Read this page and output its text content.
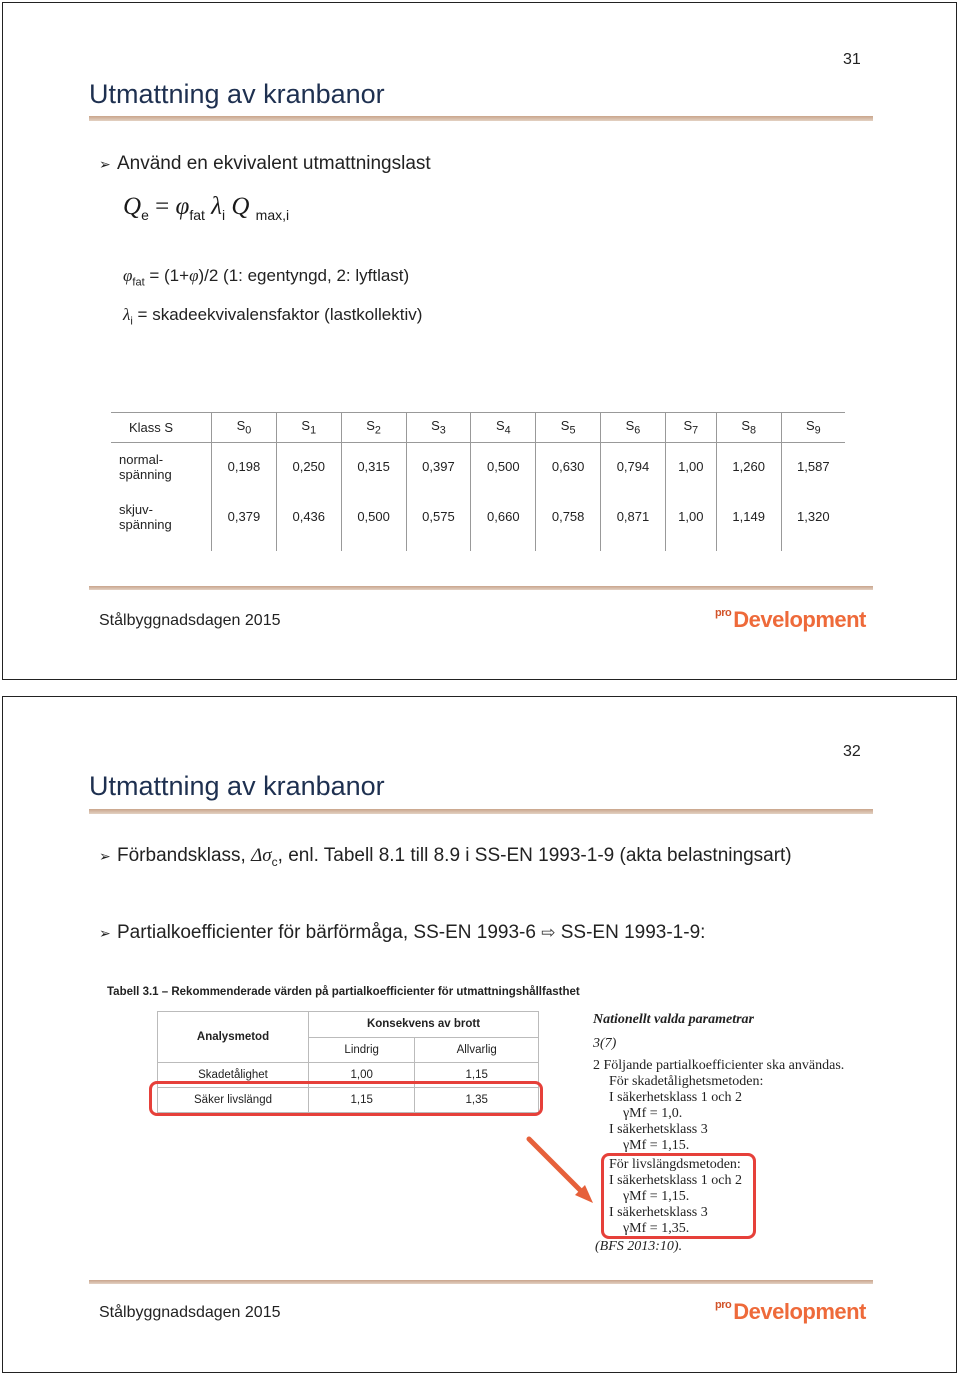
31
Utmattning av kranbanor
➢ Använd en ekvivalent utmattningslast
$Q_e = \varphi_{fat}$ $\lambda_i$ Q $_{max,i}$
$\varphi_{fat} = (1+\varphi)/2$ (1: egentyngd, 2: lyftlast)
$\lambda_i$ = skadeekvivalensfaktor (lastkollektiv)
Klass S	$S_0$	$S_1$	$S_2$	$S_3$	$S_4$	$S_5$	$S_6$	$S_7$	$S_8$	$S_9$
normal-
spänning	0,198	0,250	0,315	0,397	0,500	0,630	0,794	1,00	1,260	1,587
skjuv-
spänning	0,379	0,436	0,500	0,575	0,660	0,758	0,871	1,00	1,149	1,320

Stålbyggnadsdagen 2015	$^{pro}$Development
32
Utmattning av kranbanor
➢ Förbandsklass, $\Delta\sigma_c$, enl. Tabell 8.1 till 8.9 i SS-EN 1993-1-9 (akta belastningsart)
➢ Partialkoefficienter för bärförmåga, SS-EN 1993-6 ⇨ SS-EN 1993-1-9:
Tabell 3.1 – Rekommenderade värden på partialkoefficienter för utmattningshållfasthet
Analysmetod	Konsekvens av brott	
	Lindrig	Allvarlig
Skadetålighet	1,00	1,15
Säker livslängd	1,15	1,35
Nationellt valda parametrar
3(7)
2 Följande partialkoefficienter ska användas.
För skadetålighetsmetoden:
I säkerhetsklass 1 och 2
γMf = 1,0.
I säkerhetsklass 3
γMf = 1,15.
För livslängdsmetoden:
I säkerhetsklass 1 och 2
γMf = 1,15.
I säkerhetsklass 3
γMf = 1,35.
(BFS 2013:10).
Stålbyggnadsdagen 2015	$^{pro}$Development
